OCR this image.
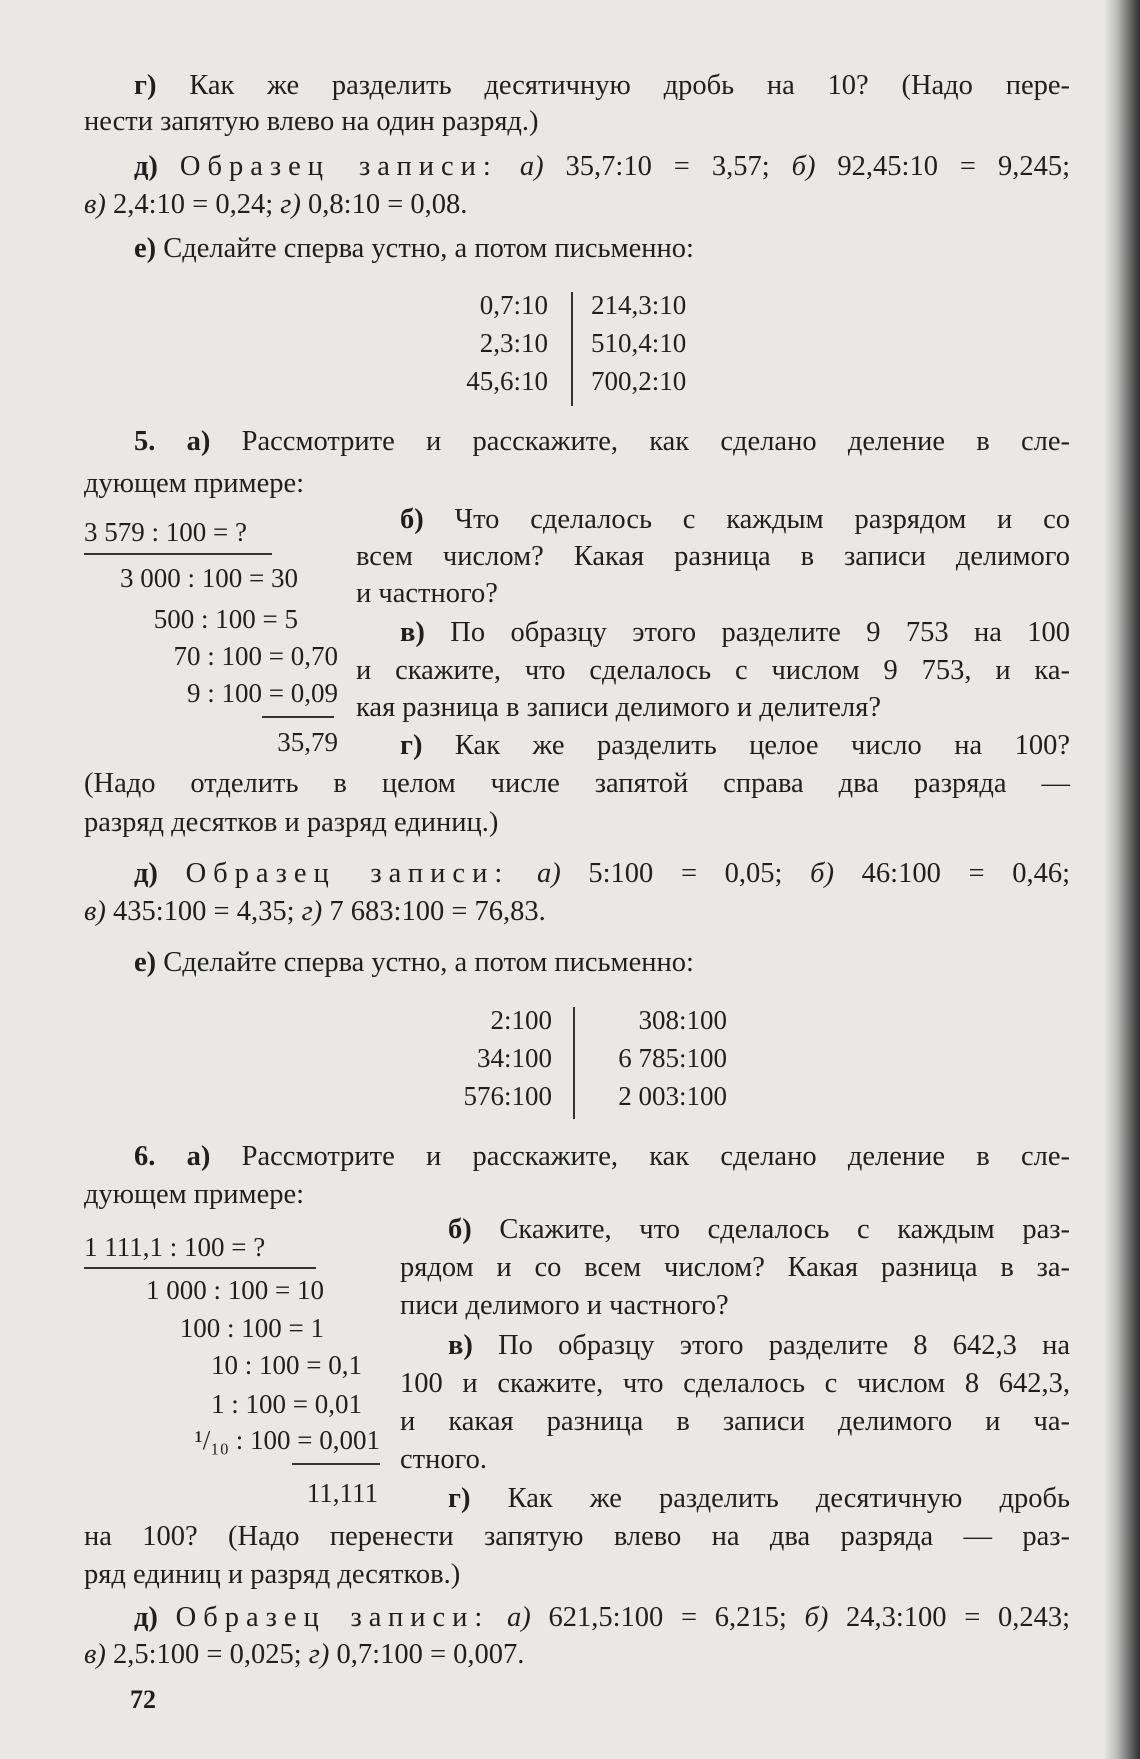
г) Как же разделить десятичную дробь на 10? (Надо пере-
нести запятую влево на один разряд.)
д) Образец записи: а) 35,7:10 = 3,57; б) 92,45:10 = 9,245;
в) 2,4:10 = 0,24; г) 0,8:10 = 0,08.
е) Сделайте сперва устно, а потом письменно:
0,7:10
2,3:10
45,6:10
214,3:10
510,4:10
700,2:10
5. а) Рассмотрите и расскажите, как сделано деление в сле-
дующем примере:
3 579 : 100 = ?
3 000 : 100 = 30
500 : 100 = 5
70 : 100 = 0,70
9 : 100 = 0,09
35,79
б) Что сделалось с каждым разрядом и со
всем числом? Какая разница в записи делимого
и частного?
в) По образцу этого разделите 9 753 на 100
и скажите, что сделалось с числом 9 753, и ка-
кая разница в записи делимого и делителя?
г) Как же разделить целое число на 100?
(Надо отделить в целом числе запятой справа два разряда —
разряд десятков и разряд единиц.)
д) Образец записи: а) 5:100 = 0,05; б) 46:100 = 0,46;
в) 435:100 = 4,35; г) 7 683:100 = 76,83.
е) Сделайте сперва устно, а потом письменно:
2:100
34:100
576:100
308:100
6 785:100
2 003:100
6. а) Рассмотрите и расскажите, как сделано деление в сле-
дующем примере:
1 111,1 : 100 = ?
1 000 : 100 = 10
100 : 100 = 1
10 : 100 = 0,1
1 : 100 = 0,01
¹/₁₀ : 100 = 0,001
11,111
б) Скажите, что сделалось с каждым раз-
рядом и со всем числом? Какая разница в за-
писи делимого и частного?
в) По образцу этого разделите 8 642,3 на
100 и скажите, что сделалось с числом 8 642,3,
и какая разница в записи делимого и ча-
стного.
г) Как же разделить десятичную дробь
на 100? (Надо перенести запятую влево на два разряда — раз-
ряд единиц и разряд десятков.)
д) Образец записи: а) 621,5:100 = 6,215; б) 24,3:100 = 0,243;
в) 2,5:100 = 0,025; г) 0,7:100 = 0,007.
72
